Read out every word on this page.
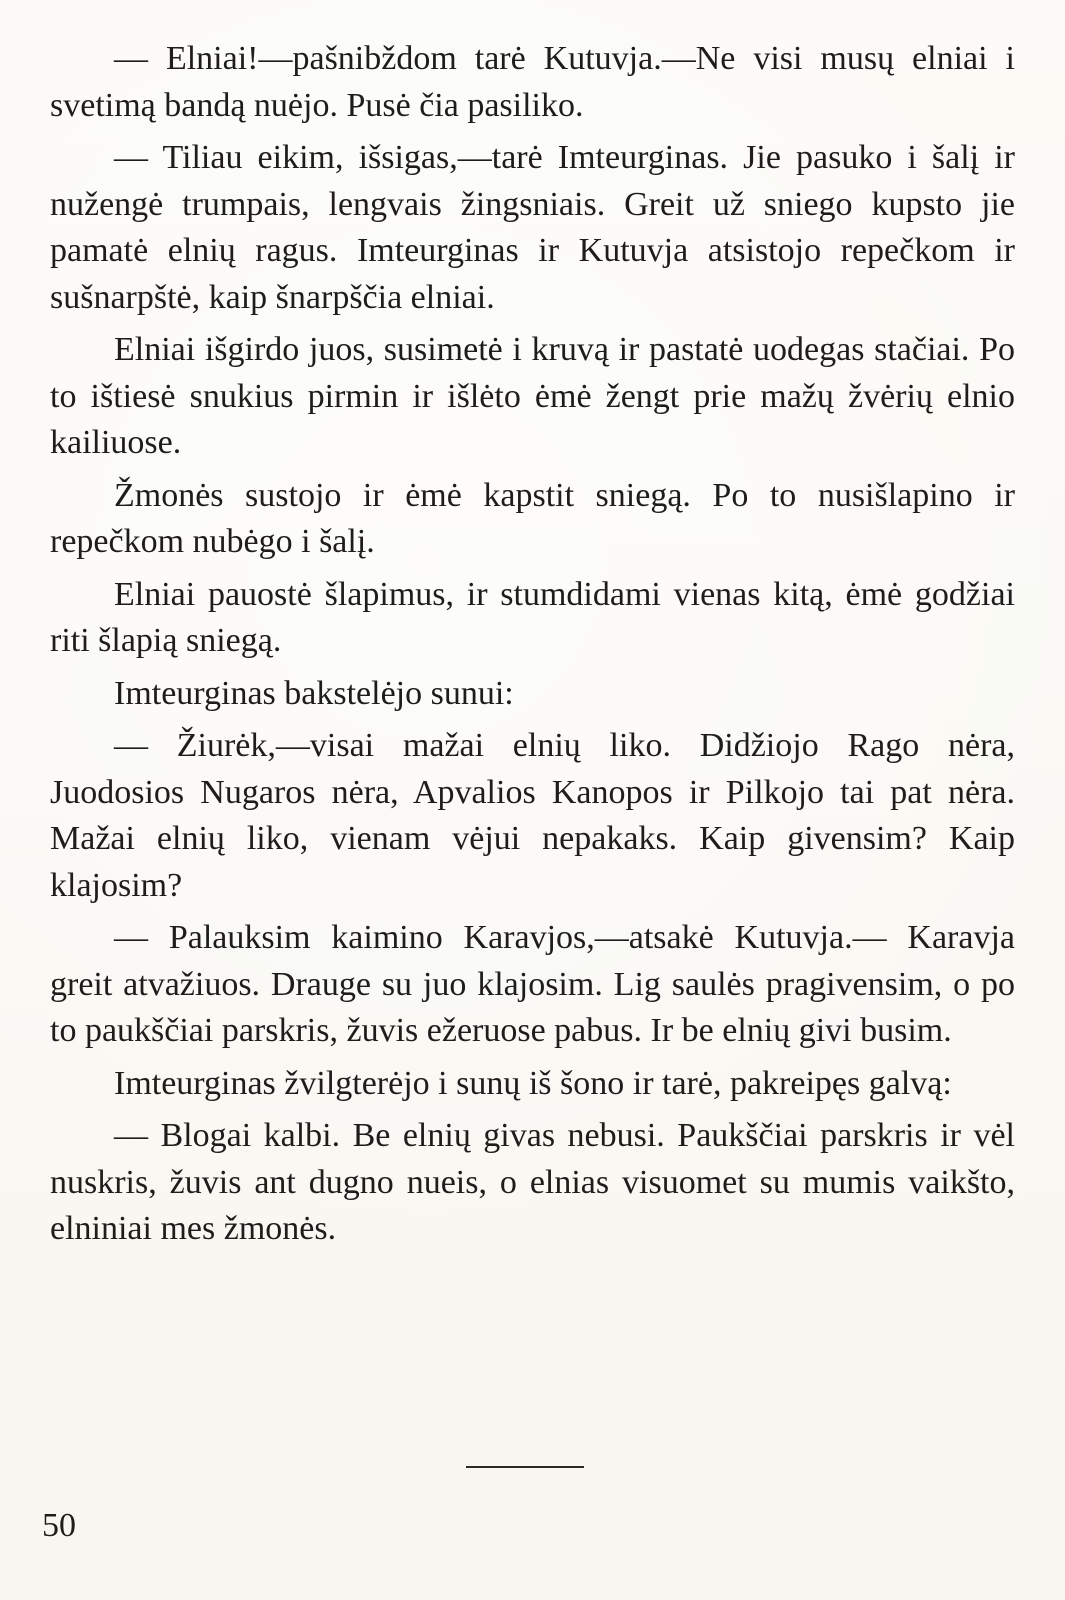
— Elniai!—pašnibždom tarė Kutuvja.—Ne visi musų elniai i svetimą bandą nuėjo. Pusė čia pasiliko.

— Tiliau eikim, išsigas,—tarė Imteurginas. Jie pasuko i šalį ir nužengė trumpais, lengvais žingsniais. Greit už sniego kupsto jie pamatė elnių ragus. Imteurginas ir Kutuvja atsistojo repečkom ir sušnarpštė, kaip šnarpščia elniai.

Elniai išgirdo juos, susimetė i kruvą ir pastatė uodegas stačiai. Po to ištiesė snukius pirmin ir išlėto ėmė žengt prie mažų žvėrių elnio kailiuose.

Žmonės sustojo ir ėmė kapstit sniegą. Po to nusišlapino ir repečkom nubėgo i šalį.

Elniai pauostė šlapimus, ir stumdidami vienas kitą, ėmė godžiai riti šlapią sniegą.

Imteurginas bakstelėjo sunui:

— Žiurėk,—visai mažai elnių liko. Didžiojo Rago nėra, Juodosios Nugaros nėra, Apvalios Kanopos ir Pilkojo tai pat nėra. Mažai elnių liko, vienam vėjui nepakaks. Kaip givensim? Kaip klajosim?

— Palauksim kaimino Karavjos,—atsakė Kutuvja.— Karavja greit atvažiuos. Drauge su juo klajosim. Lig saulės pragivensim, o po to paukščiai parskris, žuvis ežeruose pabus. Ir be elnių givi busim.

Imteurginas žvilgterėjo i sunų iš šono ir tarė, pakreipęs galvą:

— Blogai kalbi. Be elnių givas nebusi. Paukščiai parskris ir vėl nuskris, žuvis ant dugno nueis, o elnias visuomet su mumis vaikšto, elniniai mes žmonės.

50
